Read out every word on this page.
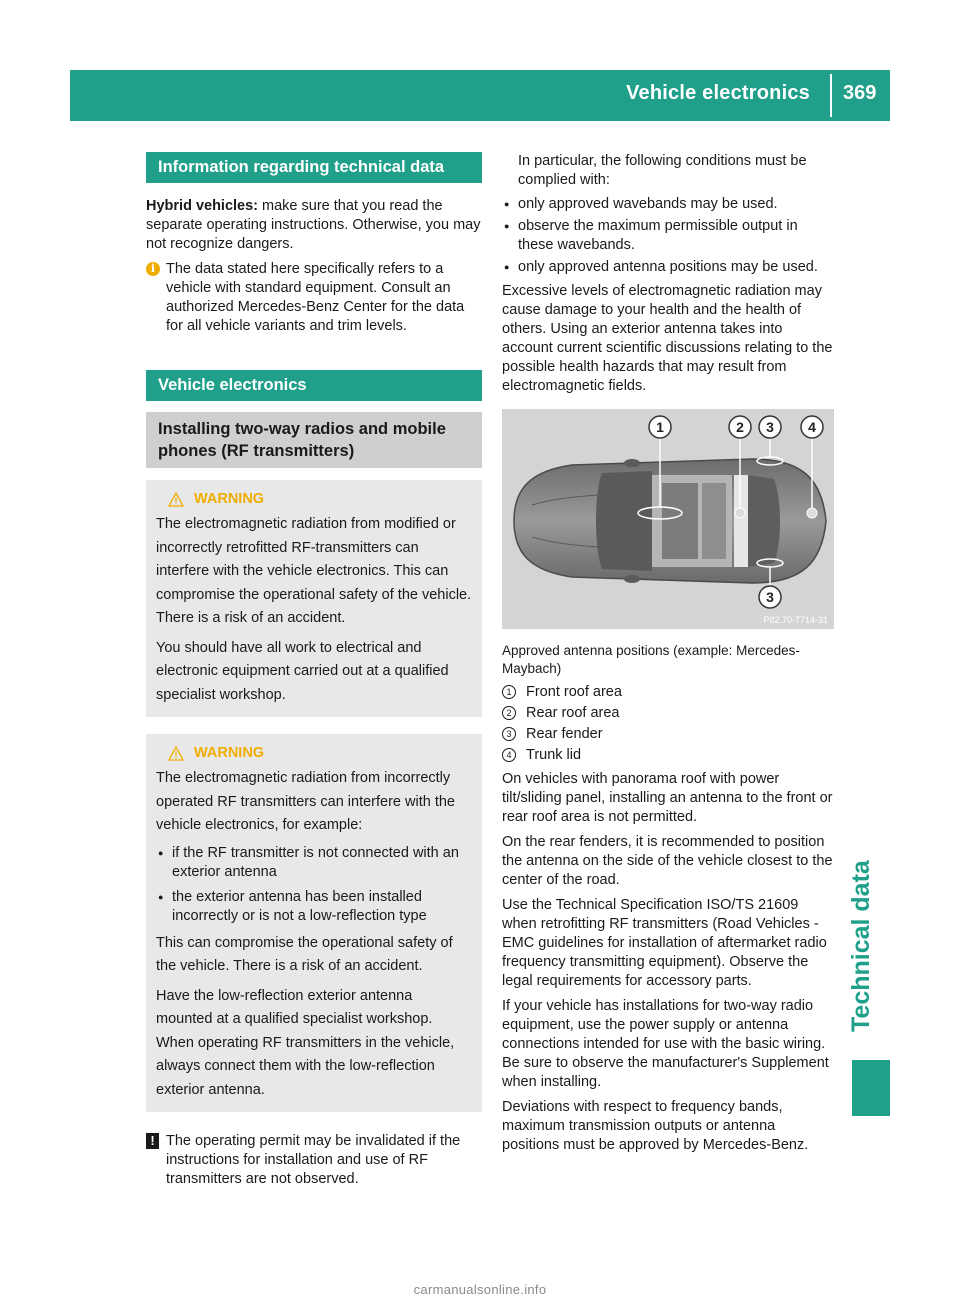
Vehicle electronics 369
Technical data
Information regarding technical data

Hybrid vehicles: make sure that you read the separate operating instructions. Otherwise, you may not recognize dangers.

i The data stated here specifically refers to a vehicle with standard equipment. Consult an authorized Mercedes-Benz Center for the data for all vehicle variants and trim levels.

Vehicle electronics
Installing two-way radios and mobile phones (RF transmitters)
WARNING

The electromagnetic radiation from modified or incorrectly retrofitted RF-transmitters can interfere with the vehicle electronics. This can compromise the operational safety of the vehicle. There is a risk of an accident.

You should have all work to electrical and electronic equipment carried out at a qualified specialist workshop.

WARNING

The electromagnetic radiation from incorrectly operated RF transmitters can interfere with the vehicle electronics, for example:

● if the RF transmitter is not connected with an exterior antenna
● the exterior antenna has been installed incorrectly or is not a low-reflection type

This can compromise the operational safety of the vehicle. There is a risk of an accident.

Have the low-reflection exterior antenna mounted at a qualified specialist workshop. When operating RF transmitters in the vehicle, always connect them with the low-reflection exterior antenna.

! The operating permit may be invalidated if the instructions for installation and use of RF transmitters are not observed.

In particular, the following conditions must be complied with:

● only approved wavebands may be used.
● observe the maximum permissible output in these wavebands.
● only approved antenna positions may be used.

Excessive levels of electromagnetic radiation may cause damage to your health and the health of others. Using an exterior antenna takes into account current scientific discussions relating to the possible health hazards that may result from electromagnetic fields.

1	2 3 4
3
P82.70-7714-31

Approved antenna positions (example: Mercedes-Maybach)

1	Front roof area
2	Rear roof area
3	Rear fender
4	Trunk lid

On vehicles with panorama roof with power tilt/sliding panel, installing an antenna to the front or rear roof area is not permitted.

On the rear fenders, it is recommended to position the antenna on the side of the vehicle closest to the center of the road.

Use the Technical Specification ISO/TS 21609 when retrofitting RF transmitters (Road Vehicles - EMC guidelines for installation of aftermarket radio frequency transmitting equipment). Observe the legal requirements for accessory parts.

If your vehicle has installations for two-way radio equipment, use the power supply or antenna connections intended for use with the basic wiring. Be sure to observe the manufacturer's Supplement when installing.

Deviations with respect to frequency bands, maximum transmission outputs or antenna positions must be approved by Mercedes-Benz.

carmanualsonline.info
